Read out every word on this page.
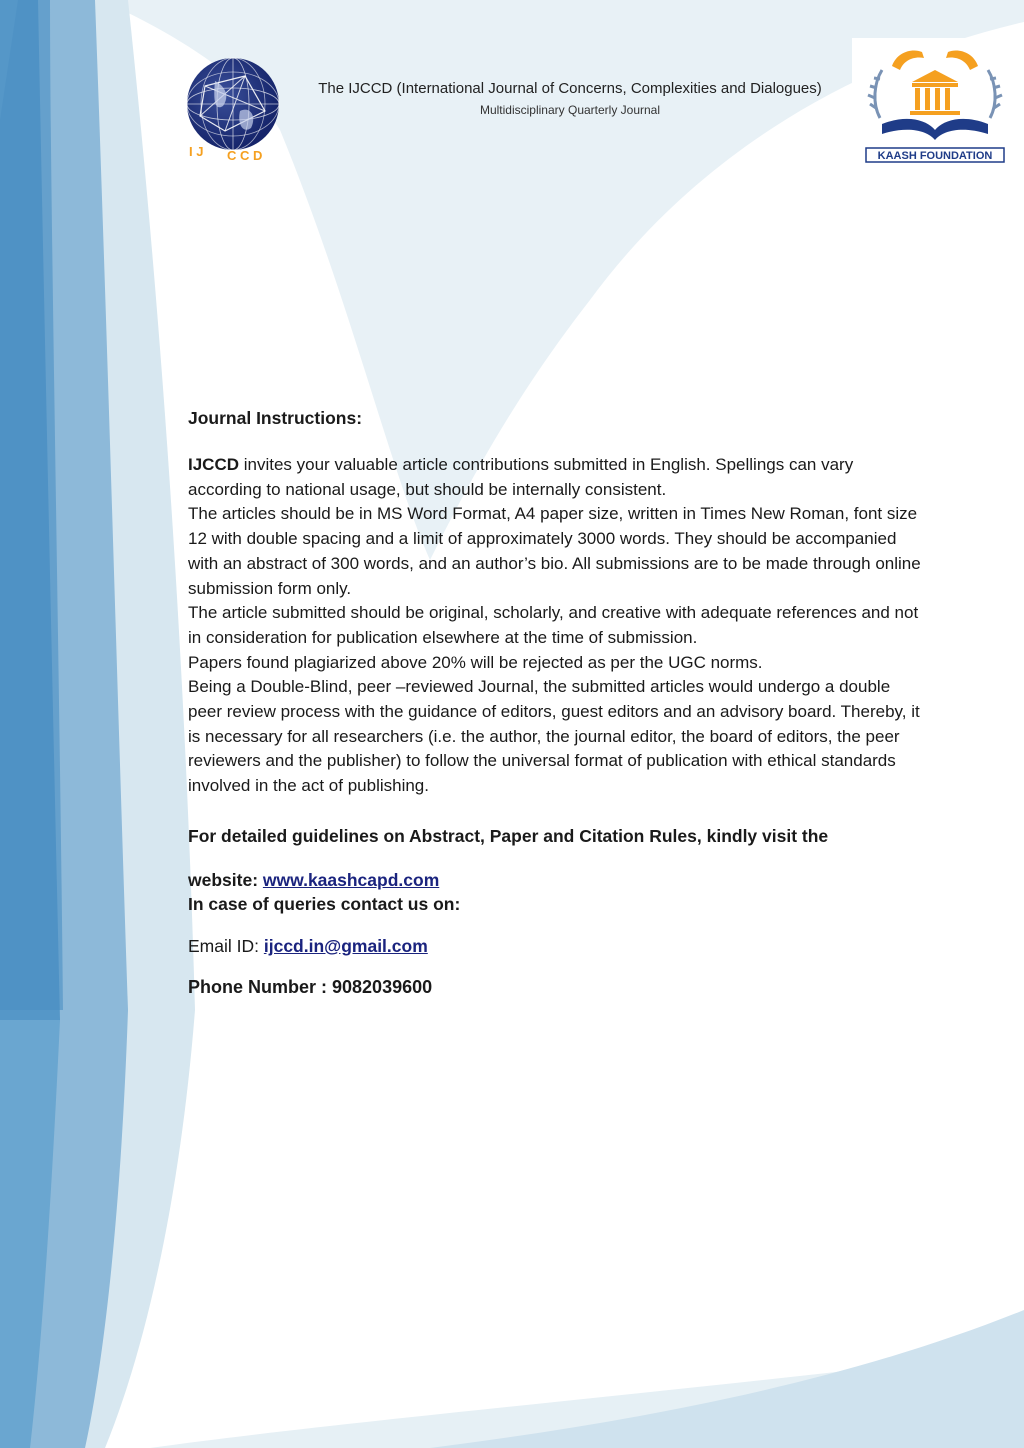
I J C C D
The IJCCD (International Journal of Concerns, Complexities and Dialogues)
Multidisciplinary Quarterly Journal
KAASH FOUNDATION
Journal Instructions:

IJCCD invites your valuable article contributions submitted in English. Spellings can vary according to national usage, but should be internally consistent.

The articles should be in MS Word Format, A4 paper size, written in Times New Roman, font size 12 with double spacing and a limit of approximately 3000 words. They should be accompanied with an abstract of 300 words, and an author’s bio. All submissions are to be made through online submission form only.

The article submitted should be original, scholarly, and creative with adequate references and not in consideration for publication elsewhere at the time of submission.

Papers found plagiarized above 20% will be rejected as per the UGC norms.

Being a Double-Blind, peer –reviewed Journal, the submitted articles would undergo a double peer review process with the guidance of editors, guest editors and an advisory board. Thereby, it is necessary for all researchers (i.e. the author, the journal editor, the board of editors, the peer reviewers and the publisher) to follow the universal format of publication with ethical standards involved in the act of publishing.

For detailed guidelines on Abstract, Paper and Citation Rules, kindly visit the
website: www.kaashcapd.com
In case of queries contact us on:
Email ID: ijccd.in@gmail.com
Phone Number : 9082039600
